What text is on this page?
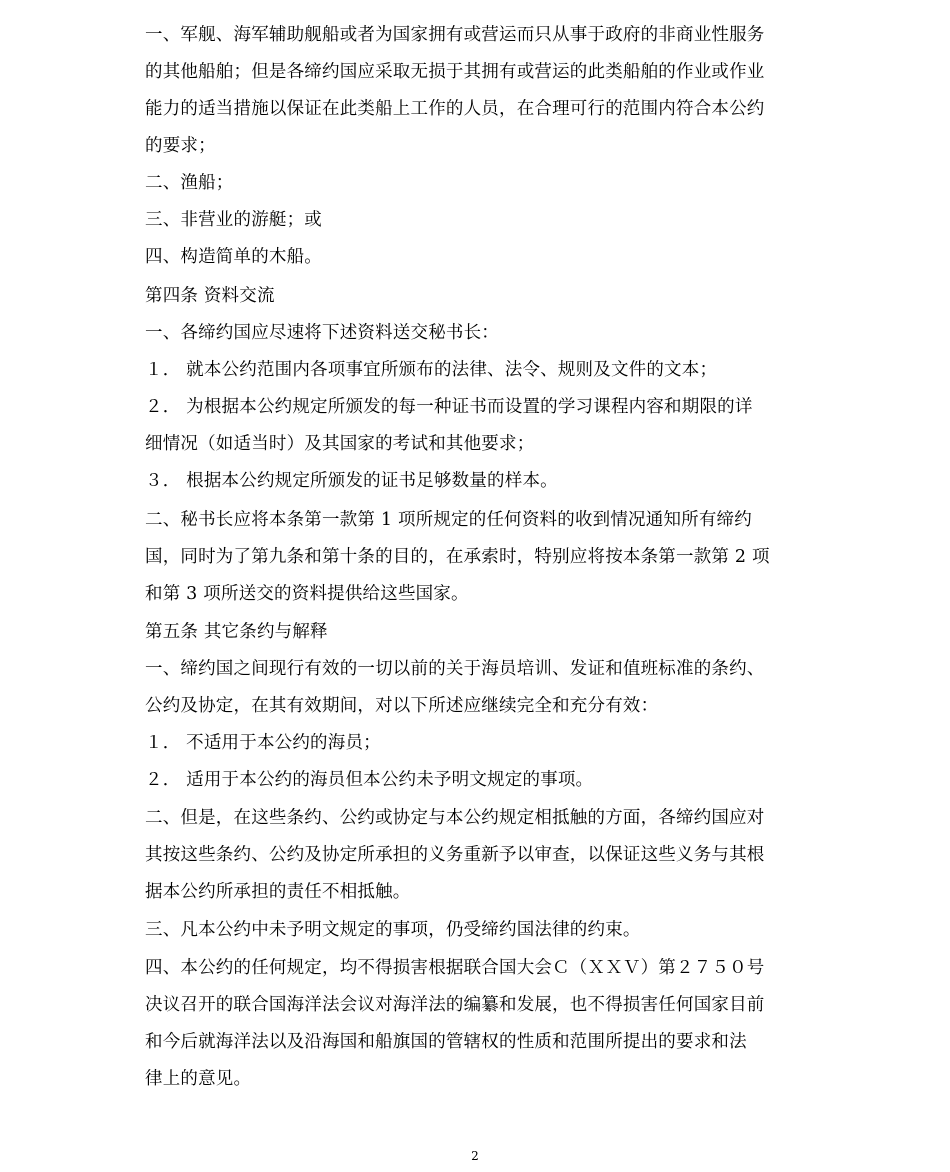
一、军舰、海军辅助舰船或者为国家拥有或营运而只从事于政府的非商业性服务
的其他船舶；但是各缔约国应采取无损于其拥有或营运的此类船舶的作业或作业
能力的适当措施以保证在此类船上工作的人员，在合理可行的范围内符合本公约
的要求；
二、渔船；
三、非营业的游艇；或
四、构造简单的木船。
第四条 资料交流
一、各缔约国应尽速将下述资料送交秘书长：
１． 就本公约范围内各项事宜所颁布的法律、法令、规则及文件的文本；
２． 为根据本公约规定所颁发的每一种证书而设置的学习课程内容和期限的详
细情况（如适当时）及其国家的考试和其他要求；
３． 根据本公约规定所颁发的证书足够数量的样本。
二、秘书长应将本条第一款第 1 项所规定的任何资料的收到情况通知所有缔约
国，同时为了第九条和第十条的目的，在承索时，特别应将按本条第一款第 2 项
和第 3 项所送交的资料提供给这些国家。
第五条 其它条约与解释
一、缔约国之间现行有效的一切以前的关于海员培训、发证和值班标准的条约、
公约及协定，在其有效期间，对以下所述应继续完全和充分有效：
１． 不适用于本公约的海员；
２． 适用于本公约的海员但本公约未予明文规定的事项。
二、但是，在这些条约、公约或协定与本公约规定相抵触的方面，各缔约国应对
其按这些条约、公约及协定所承担的义务重新予以审查，以保证这些义务与其根
据本公约所承担的责任不相抵触。
三、凡本公约中未予明文规定的事项，仍受缔约国法律的约束。
四、本公约的任何规定，均不得损害根据联合国大会Ｃ（ＸＸＶ）第２７５０号
决议召开的联合国海洋法会议对海洋法的编纂和发展，也不得损害任何国家目前
和今后就海洋法以及沿海国和船旗国的管辖权的性质和范围所提出的要求和法
律上的意见。
2
